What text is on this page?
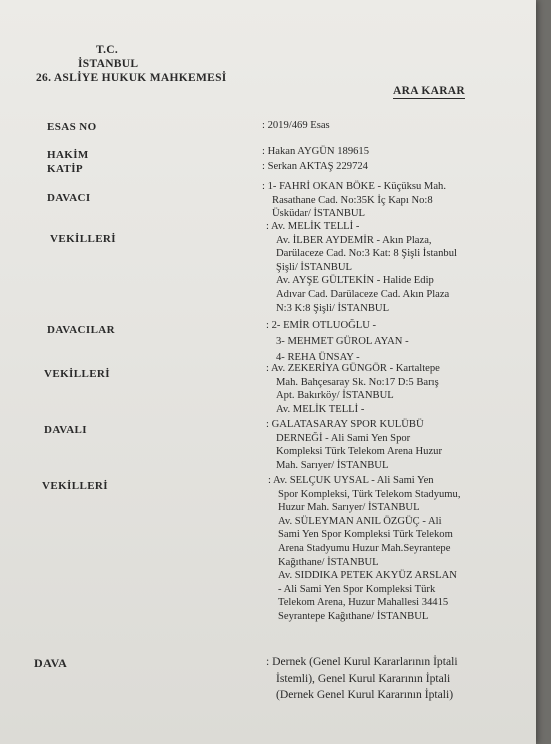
T.C.
İSTANBUL
26. ASLİYE HUKUK MAHKEMESİ
ARA KARAR
ESAS NO	: 2019/469 Esas
HAKİM	: Hakan AYGÜN 189615
KATİP	: Serkan AKTAŞ 229724
DAVACI
: 1- FAHRİ OKAN BÖKE - Küçüksu Mah.
Rasathane Cad. No:35K İç Kapı No:8
Üsküdar/ İSTANBUL
VEKİLLERİ
: Av. MELİK TELLİ -
Av. İLBER AYDEMİR - Akın Plaza,
Darülaceze Cad. No:3 Kat: 8 Şişli İstanbul
Şişli/ İSTANBUL
Av. AYŞE GÜLTEKİN - Halide Edip
Adıvar Cad. Darülaceze Cad. Akın Plaza
N:3 K:8 Şişli/ İSTANBUL
DAVACILAR	: 2- EMİR OTLUOĞLU -
3- MEHMET GÜROL AYAN -
4- REHA ÜNSAY -
VEKİLLERİ	: Av. ZEKERİYA GÜNGÖR - Kartaltepe
Mah. Bahçesaray Sk. No:17 D:5 Barış
Apt. Bakırköy/ İSTANBUL
Av. MELİK TELLİ -
DAVALI	: GALATASARAY SPOR KULÜBÜ
DERNEĞİ - Ali Sami Yen Spor
Kompleksi Türk Telekom Arena Huzur
Mah. Sarıyer/ İSTANBUL
VEKİLLERİ	: Av. SELÇUK UYSAL - Ali Sami Yen
Spor Kompleksi, Türk Telekom Stadyumu,
Huzur Mah. Sarıyer/ İSTANBUL
Av. SÜLEYMAN ANIL ÖZGÜÇ - Ali
Sami Yen Spor Kompleksi Türk Telekom
Arena Stadyumu Huzur Mah.Seyrantepe
Kağıthane/ İSTANBUL
Av. SIDDIKA PETEK AKYÜZ ARSLAN
- Ali Sami Yen Spor Kompleksi Türk
Telekom Arena, Huzur Mahallesi 34415
Seyrantepe Kağıthane/ İSTANBUL
DAVA	: Dernek (Genel Kurul Kararlarının İptali
İstemli), Genel Kurul Kararının İptali
(Dernek Genel Kurul Kararının İptali)
